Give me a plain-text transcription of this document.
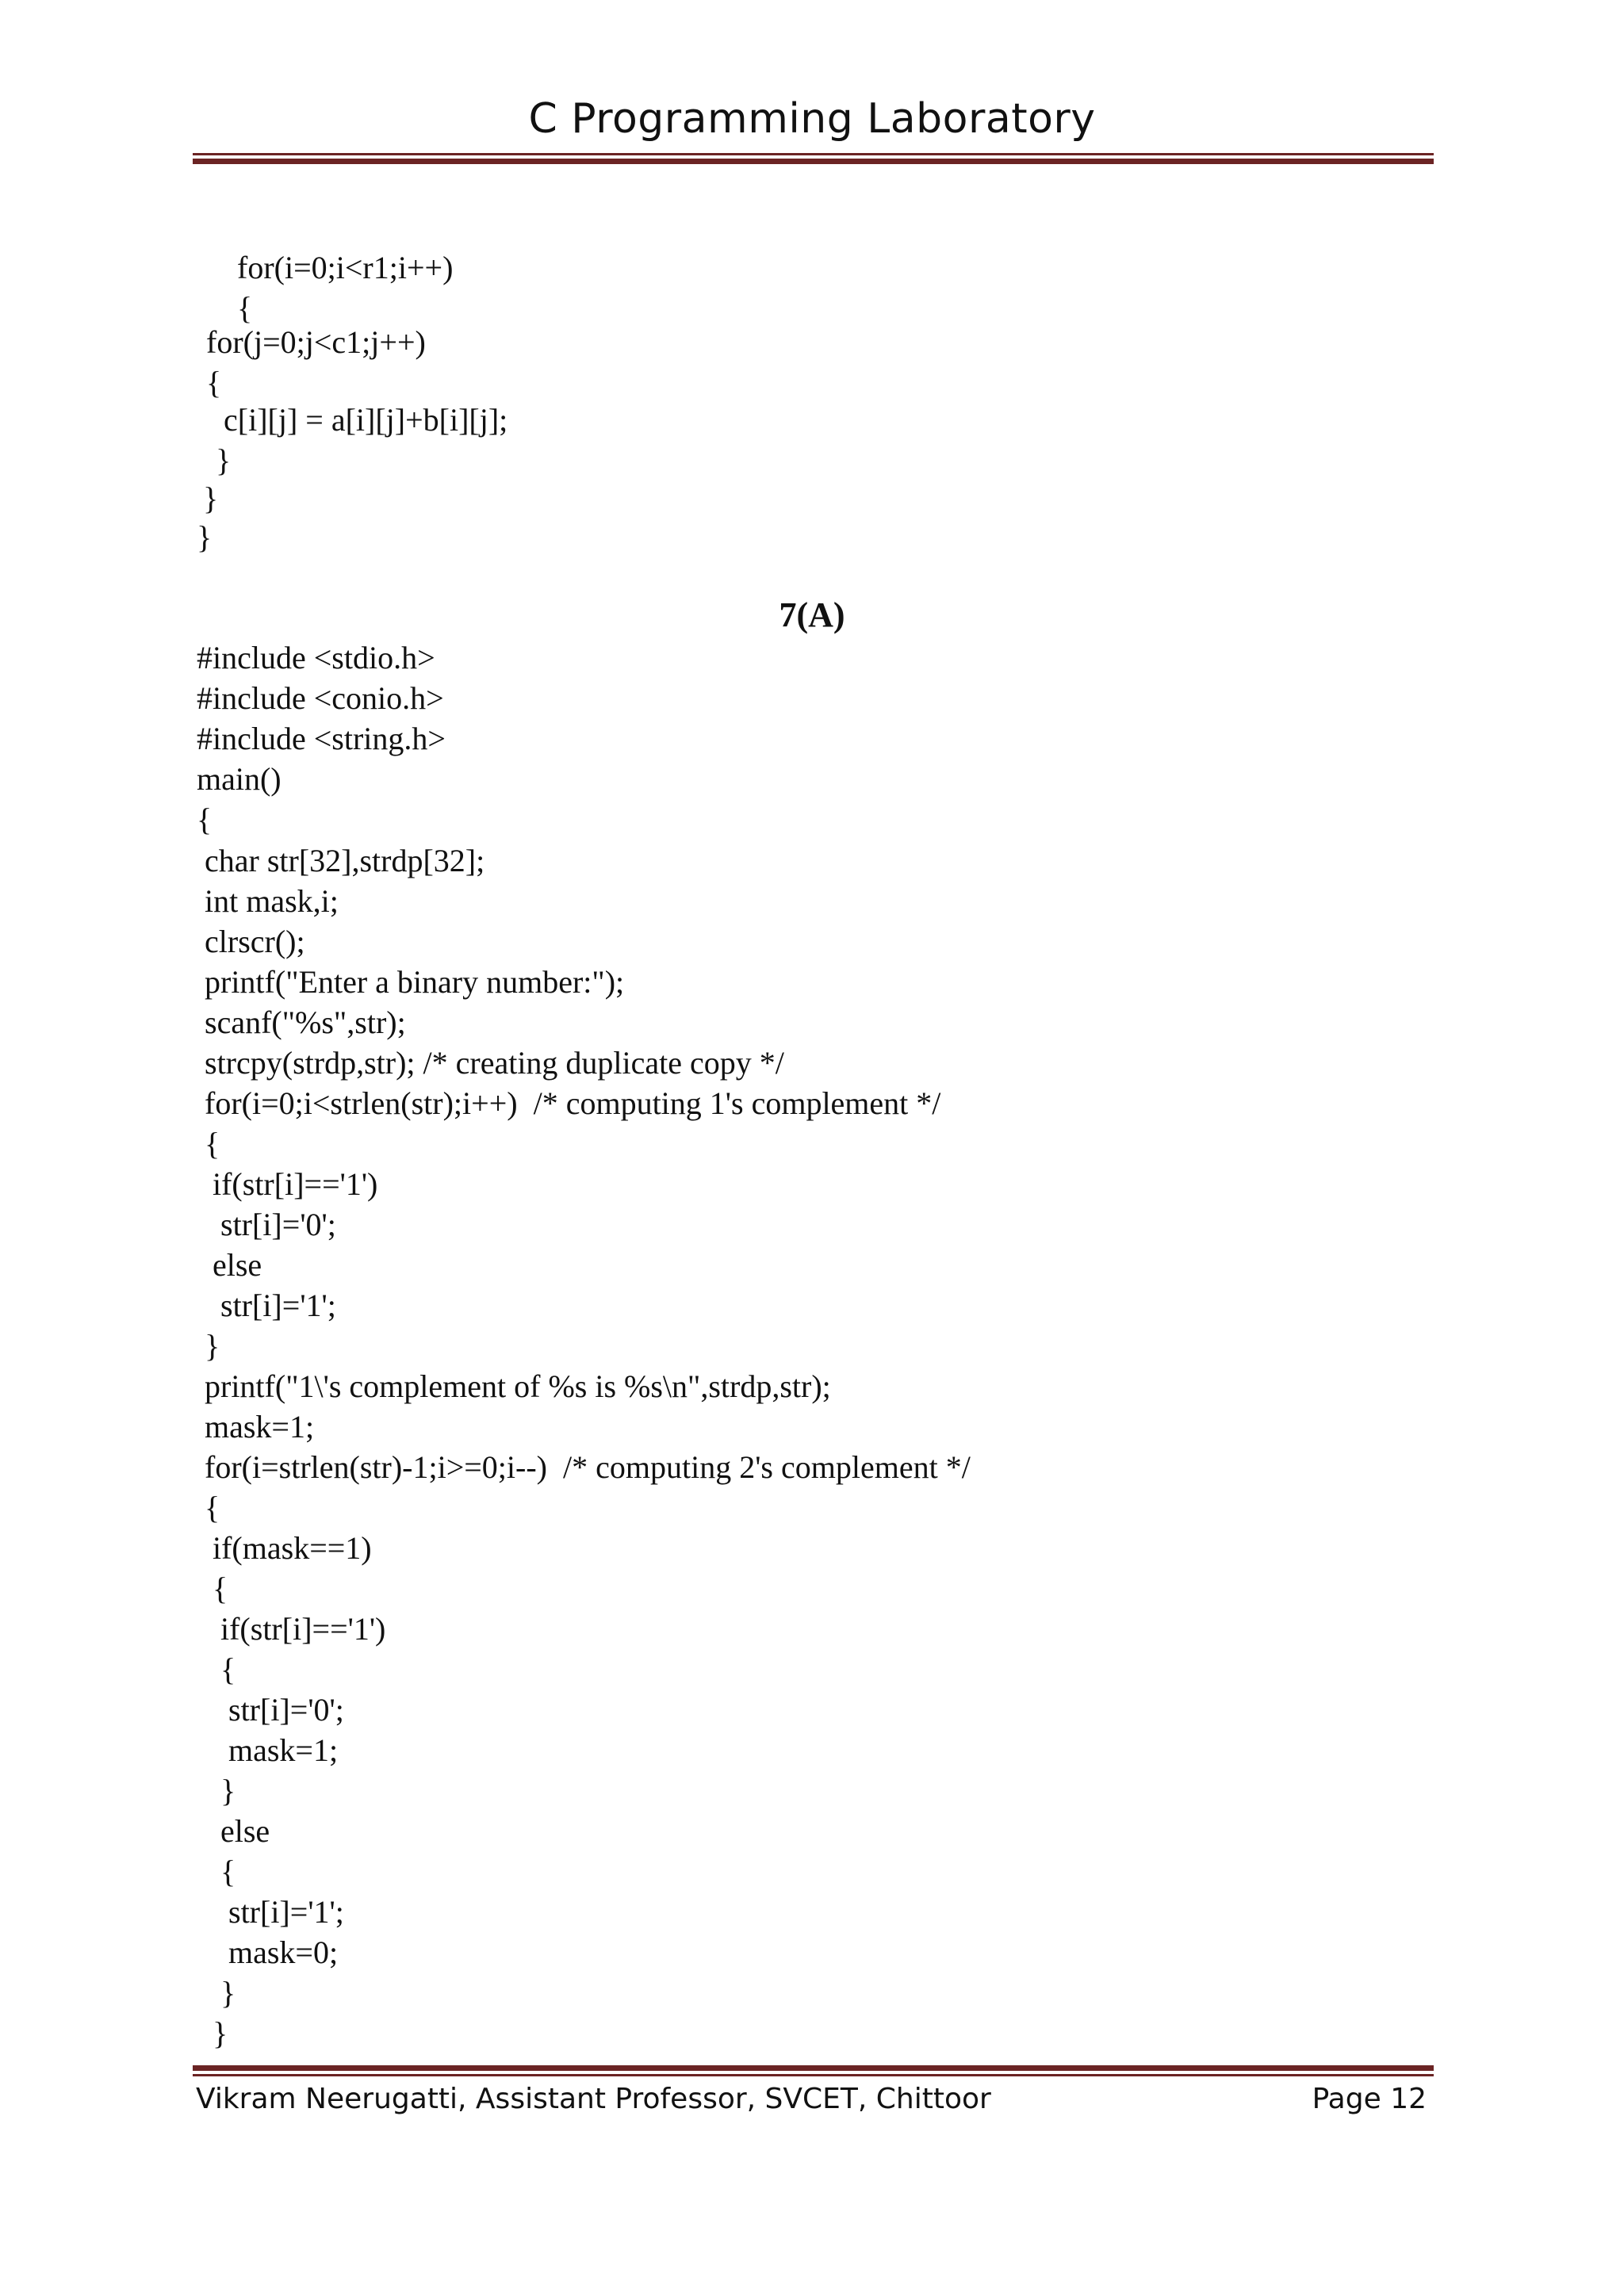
C Programming Laboratory
for(i=0;i<r1;i++)
{
for(j=0;j<c1;j++)
{
c[i][j] = a[i][j]+b[i][j];
}
}
}
7(A)
#include <stdio.h>
#include <conio.h>
#include <string.h>
main()
{
char str[32],strdp[32];
int mask,i;
clrscr();
printf("Enter a binary number:");
scanf("%s",str);
strcpy(strdp,str); /* creating duplicate copy */
for(i=0;i<strlen(str);i++)  /* computing 1's complement */
{
if(str[i]=='1')
str[i]='0';
else
str[i]='1';
}
printf("1\'s complement of %s is %s\n",strdp,str);
mask=1;
for(i=strlen(str)-1;i>=0;i--)  /* computing 2's complement */
{
if(mask==1)
{
if(str[i]=='1')
{
str[i]='0';
mask=1;
}
else
{
str[i]='1';
mask=0;
}
}
Vikram Neerugatti, Assistant Professor, SVCET, Chittoor	Page 12
